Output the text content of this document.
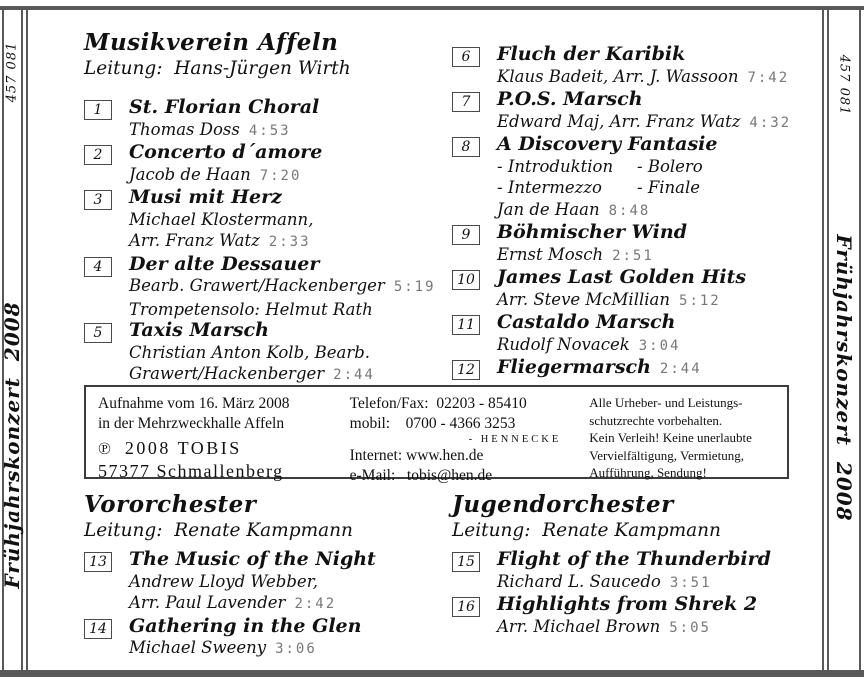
457 081
Frühjahrskonzert  2008
457 081
Frühjahrskonzert  2008
Musikverein Affeln
Leitung:  Hans-Jürgen Wirth
1	St. Florian Choral
Thomas Doss 4:53
2	Concerto d´amore
Jacob de Haan 7:20
3	Musi mit Herz
Michael Klostermann,
Arr. Franz Watz 2:33
4	Der alte Dessauer
Bearb. Grawert/Hackenberger 5:19
Trompetensolo: Helmut Rath
5	Taxis Marsch
Christian Anton Kolb, Bearb.
Grawert/Hackenberger 2:44
6	Fluch der Karibik
Klaus Badeit, Arr. J. Wassoon 7:42
7	P.O.S. Marsch
Edward Maj, Arr. Franz Watz 4:32
8	A Discovery Fantasie
- Introduktion - Bolero
- Intermezzo - Finale
Jan de Haan 8:48
9	Böhmischer Wind
Ernst Mosch 2:51
10 James Last Golden Hits
Arr. Steve McMillian 5:12
11 Castaldo Marsch
Rudolf Novacek 3:04
12 Fliegermarsch 2:44
Aufnahme vom 16. März 2008
in der Mehrzweckhalle Affeln
℗ 2008 TOBIS
57377 Schmallenberg
Telefon/Fax:  02203 - 85410
mobil:    0700 - 4366 3253
- HENNECKE
Internet: www.hen.de
e-Mail:   tobis@hen.de
Alle Urheber- und Leistungs-
schutzrechte vorbehalten.
Kein Verleih! Keine unerlaubte
Vervielfältigung, Vermietung,
Aufführung, Sendung!
Vororchester
Leitung:  Renate Kampmann
13 The Music of the Night
Andrew Lloyd Webber,
Arr. Paul Lavender 2:42
14 Gathering in the Glen
Michael Sweeny 3:06
Jugendorchester
Leitung:  Renate Kampmann
15 Flight of the Thunderbird
Richard L. Saucedo 3:51
16 Highlights from Shrek 2
Arr. Michael Brown 5:05
